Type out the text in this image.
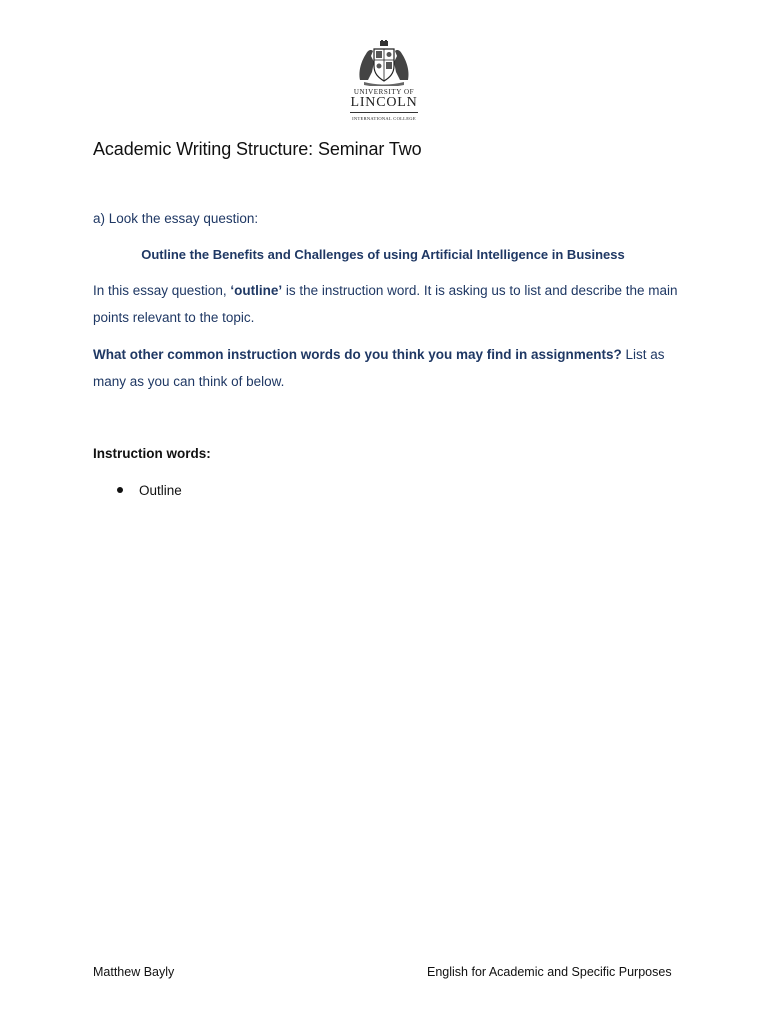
UNIVERSITY OF
LINCOLN
INTERNATIONAL COLLEGE
Academic Writing Structure: Seminar Two

a) Look the essay question:

Outline the Benefits and Challenges of using Artificial Intelligence in Business

In this essay question, ‘outline’ is the instruction word. It is asking us to list and describe the main points relevant to the topic.

What other common instruction words do you think you may find in assignments? List as many as you can think of below.

Instruction words:

Outline
Matthew Bayly	English for Academic and Specific Purposes
